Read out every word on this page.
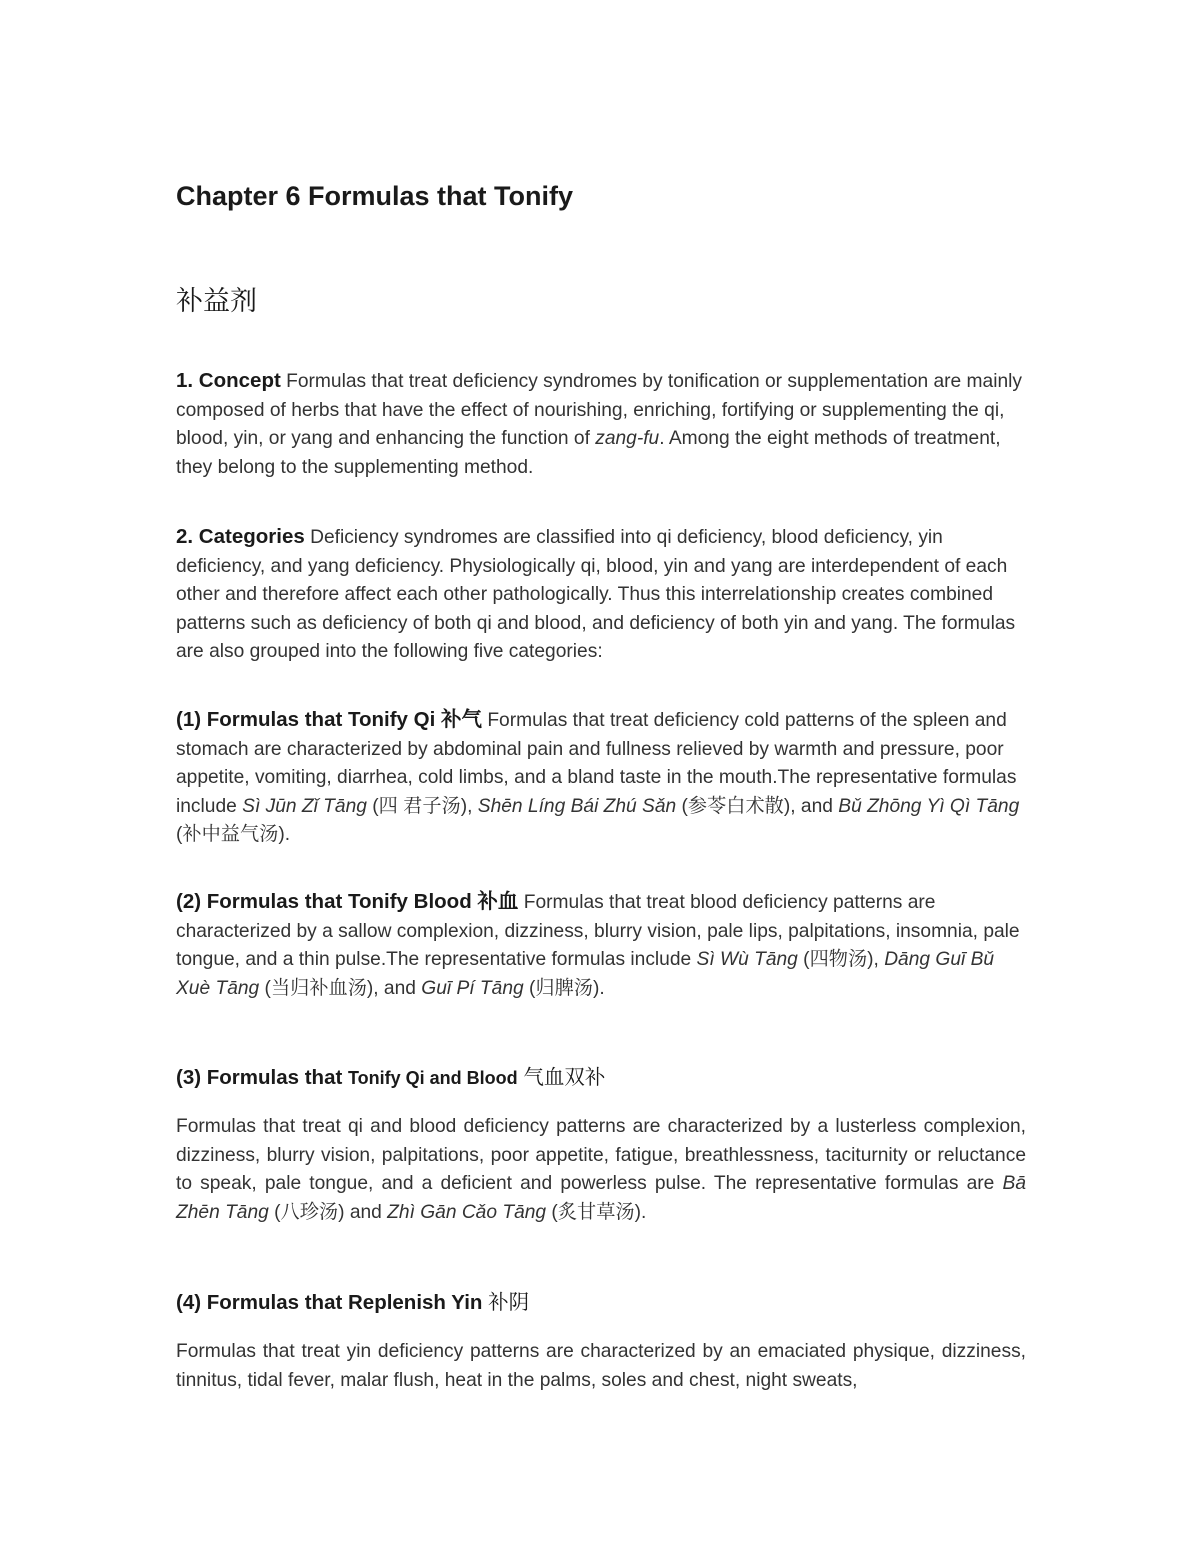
Chapter 6 Formulas that Tonify
补益剂

1. Concept Formulas that treat deficiency syndromes by tonification or supplementation are mainly composed of herbs that have the effect of nourishing, enriching, fortifying or supplementing the qi, blood, yin, or yang and enhancing the function of zang-fu. Among the eight methods of treatment, they belong to the supplementing method.

2. Categories Deficiency syndromes are classified into qi deficiency, blood deficiency, yin deficiency, and yang deficiency. Physiologically qi, blood, yin and yang are interdependent of each other and therefore affect each other pathologically. Thus this interrelationship creates combined patterns such as deficiency of both qi and blood, and deficiency of both yin and yang. The formulas are also grouped into the following five categories:

(1) Formulas that Tonify Qi 补气 Formulas that treat deficiency cold patterns of the spleen and stomach are characterized by abdominal pain and fullness relieved by warmth and pressure, poor appetite, vomiting, diarrhea, cold limbs, and a bland taste in the mouth.The representative formulas include Sì Jūn Zǐ Tāng (四 君子汤), Shēn Líng Bái Zhú Sǎn (参苓白术散), and Bǔ Zhōng Yì Qì Tāng (补中益气汤).

(2) Formulas that Tonify Blood 补血 Formulas that treat blood deficiency patterns are characterized by a sallow complexion, dizziness, blurry vision, pale lips, palpitations, insomnia, pale tongue, and a thin pulse.The representative formulas include Sì Wù Tāng (四物汤), Dāng Guī Bǔ Xuè Tāng (当归补血汤), and Guī Pí Tāng (归脾汤).

(3) Formulas that Tonify Qi and Blood 气血双补

Formulas that treat qi and blood deficiency patterns are characterized by a lusterless complexion, dizziness, blurry vision, palpitations, poor appetite, fatigue, breathlessness, taciturnity or reluctance to speak, pale tongue, and a deficient and powerless pulse. The representative formulas are Bā Zhēn Tāng (八珍汤) and Zhì Gān Cǎo Tāng (炙甘草汤).

(4) Formulas that Replenish Yin 补阴

Formulas that treat yin deficiency patterns are characterized by an emaciated physique, dizziness, tinnitus, tidal fever, malar flush, heat in the palms, soles and chest, night sweats,
